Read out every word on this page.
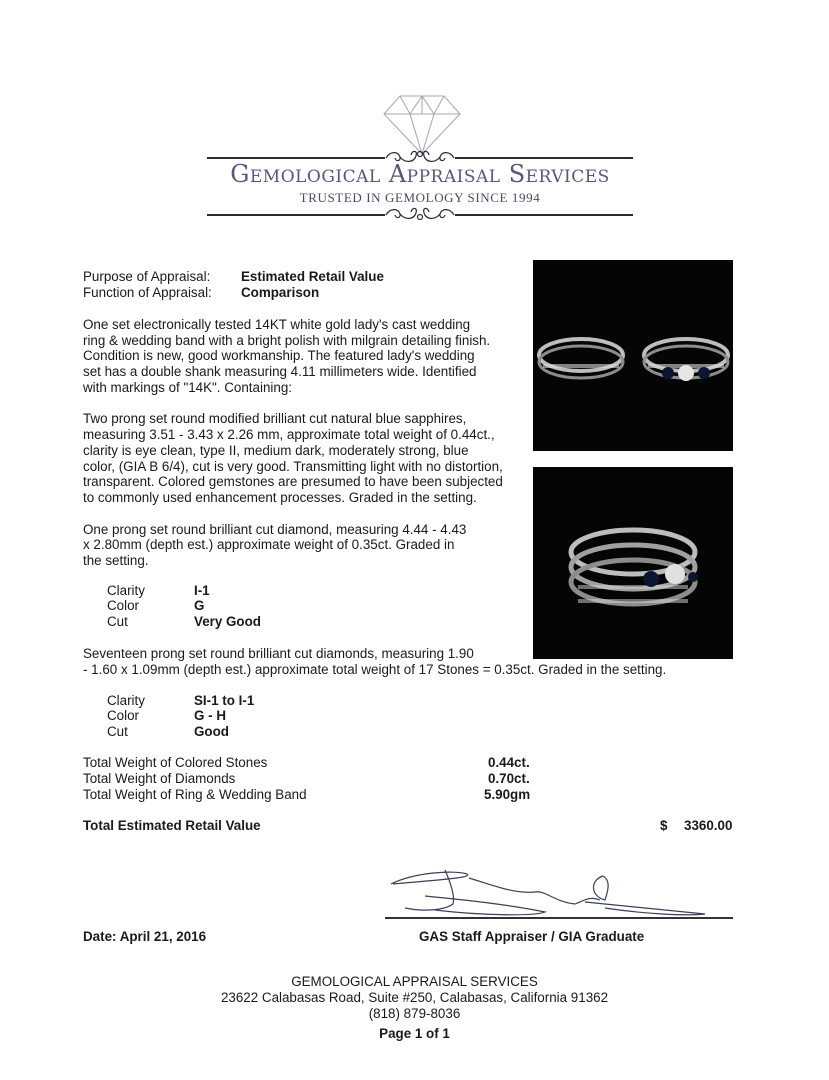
Gemological Appraisal Services
TRUSTED IN GEMOLOGY SINCE 1994
Purpose of Appraisal: Estimated Retail Value
Function of Appraisal: Comparison
One set electronically tested 14KT white gold lady's cast wedding
ring & wedding band with a bright polish with milgrain detailing finish.
Condition is new, good workmanship. The featured lady's wedding
set has a double shank measuring 4.11 millimeters wide. Identified
with markings of "14K". Containing:
Two prong set round modified brilliant cut natural blue sapphires,
measuring 3.51 - 3.43 x 2.26 mm, approximate total weight of 0.44ct.,
clarity is eye clean, type II, medium dark, moderately strong, blue
color, (GIA B 6/4), cut is very good. Transmitting light with no distortion,
transparent. Colored gemstones are presumed to have been subjected
to commonly used enhancement processes. Graded in the setting.
One prong set round brilliant cut diamond, measuring 4.44 - 4.43
x 2.80mm (depth est.) approximate weight of 0.35ct. Graded in
the setting.
Clarity	I-1
Color	G
Cut	Very Good
Seventeen prong set round brilliant cut diamonds, measuring 1.90
- 1.60 x 1.09mm (depth est.) approximate total weight of 17 Stones = 0.35ct. Graded in the setting.
Clarity	SI-1 to I-1
Color	G - H
Cut	Good
Total Weight of Colored Stones	0.44ct.
Total Weight of Diamonds	0.70ct.
Total Weight of Ring & Wedding Band	5.90gm
Total Estimated Retail Value	$ 3360.00
Date: April 21, 2016	GAS Staff Appraiser / GIA Graduate
GEMOLOGICAL APPRAISAL SERVICES
23622 Calabasas Road, Suite #250, Calabasas, California 91362
(818) 879-8036
Page 1 of 1
